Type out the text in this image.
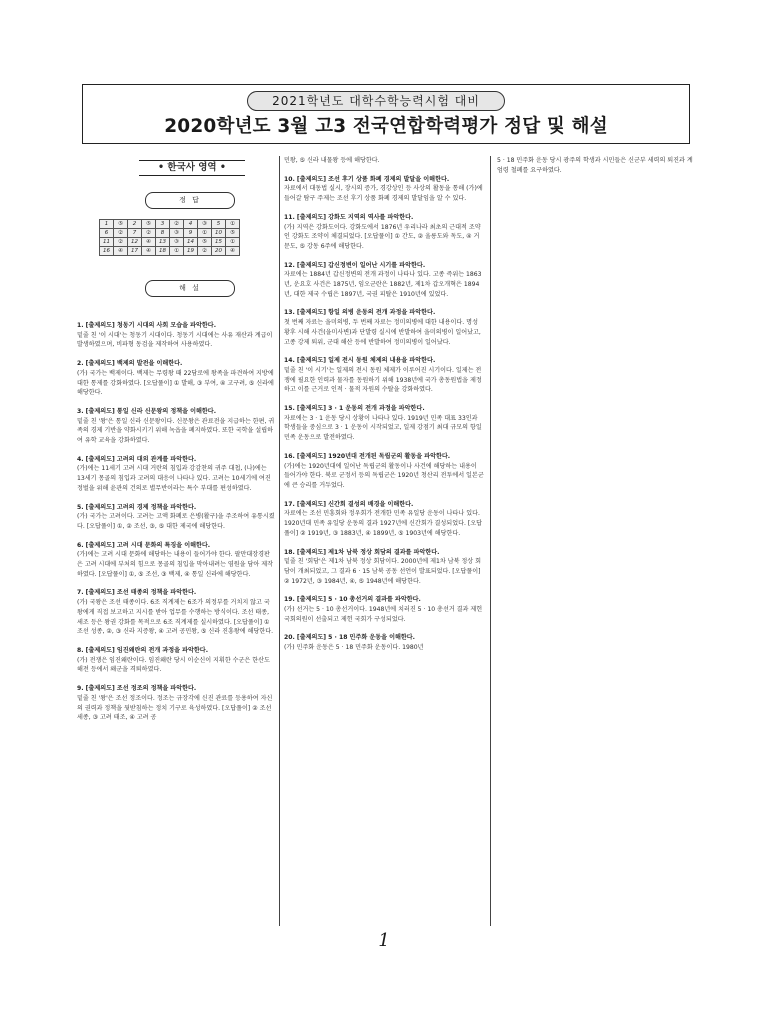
2021학년도 대학수학능력시험 대비
2020학년도 3월 고3 전국연합학력평가 정답 및 해설
• 한국사 영역 •
정 답
1	⑤	2	⑤	3	②	4	③	5	①
6	②	7	②	8	③	9	①	10	⑤
11	②	12	④	13	③	14	⑤	15	①
16	④	17	④	18	①	19	②	20	④
해 설
1. [출제의도] 청동기 시대의 사회 모습을 파악한다.
밑줄 친 '이 시대'는 청동기 시대이다. 청동기 시대에는 사유 재산과 계급이 발생하였으며, 비파형 동검을 제작하여 사용하였다.
2. [출제의도] 백제의 발전을 이해한다.
(가) 국가는 백제이다. 백제는 무령왕 때 22담로에 왕족을 파견하여 지방에 대한 통제를 강화하였다. [오답풀이] ① 발해, ③ 부여, ④ 고구려, ⑤ 신라에 해당한다.
3. [출제의도] 통일 신라 신문왕의 정책을 이해한다.
밑줄 친 '왕'은 통일 신라 신문왕이다. 신문왕은 관료전을 지급하는 한편, 귀족의 경제 기반을 약화시키기 위해 녹읍을 폐지하였다. 또한 국학을 설립하여 유학 교육을 강화하였다.
4. [출제의도] 고려의 대외 관계를 파악한다.
(가)에는 11세기 고려 시대 거란의 침입과 강감찬의 귀주 대첩, (나)에는 13세기 몽골의 침입과 고려의 대응이 나타나 있다. 고려는 10세기에 여진 정벌을 위해 윤관의 건의로 별무반이라는 특수 부대를 편성하였다.
5. [출제의도] 고려의 경제 정책을 파악한다.
(가) 국가는 고려이다. 고려는 고액 화폐로 은병(활구)을 주조하여 유통시켰다. [오답풀이] ①, ② 조선, ③, ⑤ 대한 제국에 해당한다.
6. [출제의도] 고려 시대 문화의 특징을 이해한다.
(가)에는 고려 시대 문화에 해당하는 내용이 들어가야 한다. 팔만대장경판은 고려 시대에 부처의 힘으로 몽골의 침입을 막아내려는 염원을 담아 제작하였다. [오답풀이] ①, ⑤ 조선, ③ 백제, ④ 통일 신라에 해당한다.
7. [출제의도] 조선 태종의 정책을 파악한다.
(가) 국왕은 조선 태종이다. 6조 직계제는 6조가 의정부를 거치지 않고 국왕에게 직접 보고하고 지시를 받아 업무를 수행하는 방식이다. 조선 태종, 세조 등은 왕권 강화를 목적으로 6조 직계제를 실시하였다. [오답풀이] ① 조선 성종, ②, ③ 신라 지증왕, ④ 고려 공민왕, ⑤ 신라 진흥왕에 해당한다.
8. [출제의도] 임진왜란의 전개 과정을 파악한다.
(가) 전쟁은 임진왜란이다. 임진왜란 당시 이순신이 지휘한 수군은 한산도 해전 등에서 왜군을 격퇴하였다.
9. [출제의도] 조선 정조의 정책을 파악한다.
밑줄 친 '왕'은 조선 정조이다. 정조는 규장각에 신진 관료를 등용하여 자신의 권력과 정책을 뒷받침하는 정치 기구로 육성하였다. [오답풀이] ② 조선 세종, ③ 고려 태조, ④ 고려 공
민왕, ⑤ 신라 내물왕 등에 해당한다.
10. [출제의도] 조선 후기 상품 화폐 경제의 발달을 이해한다.
자료에서 대동법 실시, 장시의 증가, 경강상인 등 사상의 활동을 통해 (가)에 들어갈 탐구 주제는 조선 후기 상품 화폐 경제의 발달임을 알 수 있다.
11. [출제의도] 강화도 지역의 역사를 파악한다.
(가) 지역은 강화도이다. 강화도에서 1876년 우리나라 최초의 근대적 조약인 강화도 조약이 체결되었다. [오답풀이] ① 간도, ② 울릉도와 독도, ④ 거문도, ⑤ 강동 6주에 해당한다.
12. [출제의도] 갑신정변이 일어난 시기를 파악한다.
자료에는 1884년 갑신정변의 전개 과정이 나타나 있다. 고종 즉위는 1863년, 운요호 사건은 1875년, 임오군란은 1882년, 제1차 갑오개혁은 1894년, 대한 제국 수립은 1897년, 국권 피탈은 1910년에 있었다.
13. [출제의도] 항일 의병 운동의 전개 과정을 파악한다.
첫 번째 자료는 을미의병, 두 번째 자료는 정미의병에 대한 내용이다. 명성 황후 시해 사건(을미사변)과 단발령 실시에 반발하여 을미의병이 일어났고, 고종 강제 퇴위, 군대 해산 등에 반발하여 정미의병이 일어났다.
14. [출제의도] 일제 전시 동원 체제의 내용을 파악한다.
밑줄 친 '이 시기'는 일제의 전시 동원 체제가 이루어진 시기이다. 일제는 전쟁에 필요한 인력과 물자를 동원하기 위해 1938년에 국가 총동원법을 제정하고 이를 근거로 인적 · 물적 자원의 수탈을 강화하였다.
15. [출제의도] 3 · 1 운동의 전개 과정을 파악한다.
자료에는 3 · 1 운동 당시 상황이 나타나 있다. 1919년 민족 대표 33인과 학생들을 중심으로 3 · 1 운동이 시작되었고, 일제 강점기 최대 규모의 항일 민족 운동으로 발전하였다.
16. [출제의도] 1920년대 전개된 독립군의 활동을 파악한다.
(가)에는 1920년대에 일어난 독립군의 활동이나 사건에 해당하는 내용이 들어가야 한다. 북로 군정서 등의 독립군은 1920년 청산리 전투에서 일본군에 큰 승리를 거두었다.
17. [출제의도] 신간회 결성의 배경을 이해한다.
자료에는 조선 민흥회와 정우회가 전개한 민족 유일당 운동이 나타나 있다. 1920년대 민족 유일당 운동의 결과 1927년에 신간회가 결성되었다. [오답풀이] ② 1919년, ③ 1883년, ④ 1899년, ⑤ 1903년에 해당한다.
18. [출제의도] 제1차 남북 정상 회담의 결과를 파악한다.
밑줄 친 '회담'은 제1차 남북 정상 회담이다. 2000년에 제1차 남북 정상 회담이 개최되었고, 그 결과 6 · 15 남북 공동 선언이 발표되었다. [오답풀이] ② 1972년, ③ 1984년, ④, ⑤ 1948년에 해당한다.
19. [출제의도] 5 · 10 총선거의 결과를 파악한다.
(가) 선거는 5 · 10 총선거이다. 1948년에 치러진 5 · 10 총선거 결과 제헌 국회의원이 선출되고 제헌 국회가 구성되었다.
20. [출제의도] 5 · 18 민주화 운동을 이해한다.
(가) 민주화 운동은 5 · 18 민주화 운동이다. 1980년
5 · 18 민주화 운동 당시 광주의 학생과 시민들은 신군부 세력의 퇴진과 계엄령 철폐를 요구하였다.
1
